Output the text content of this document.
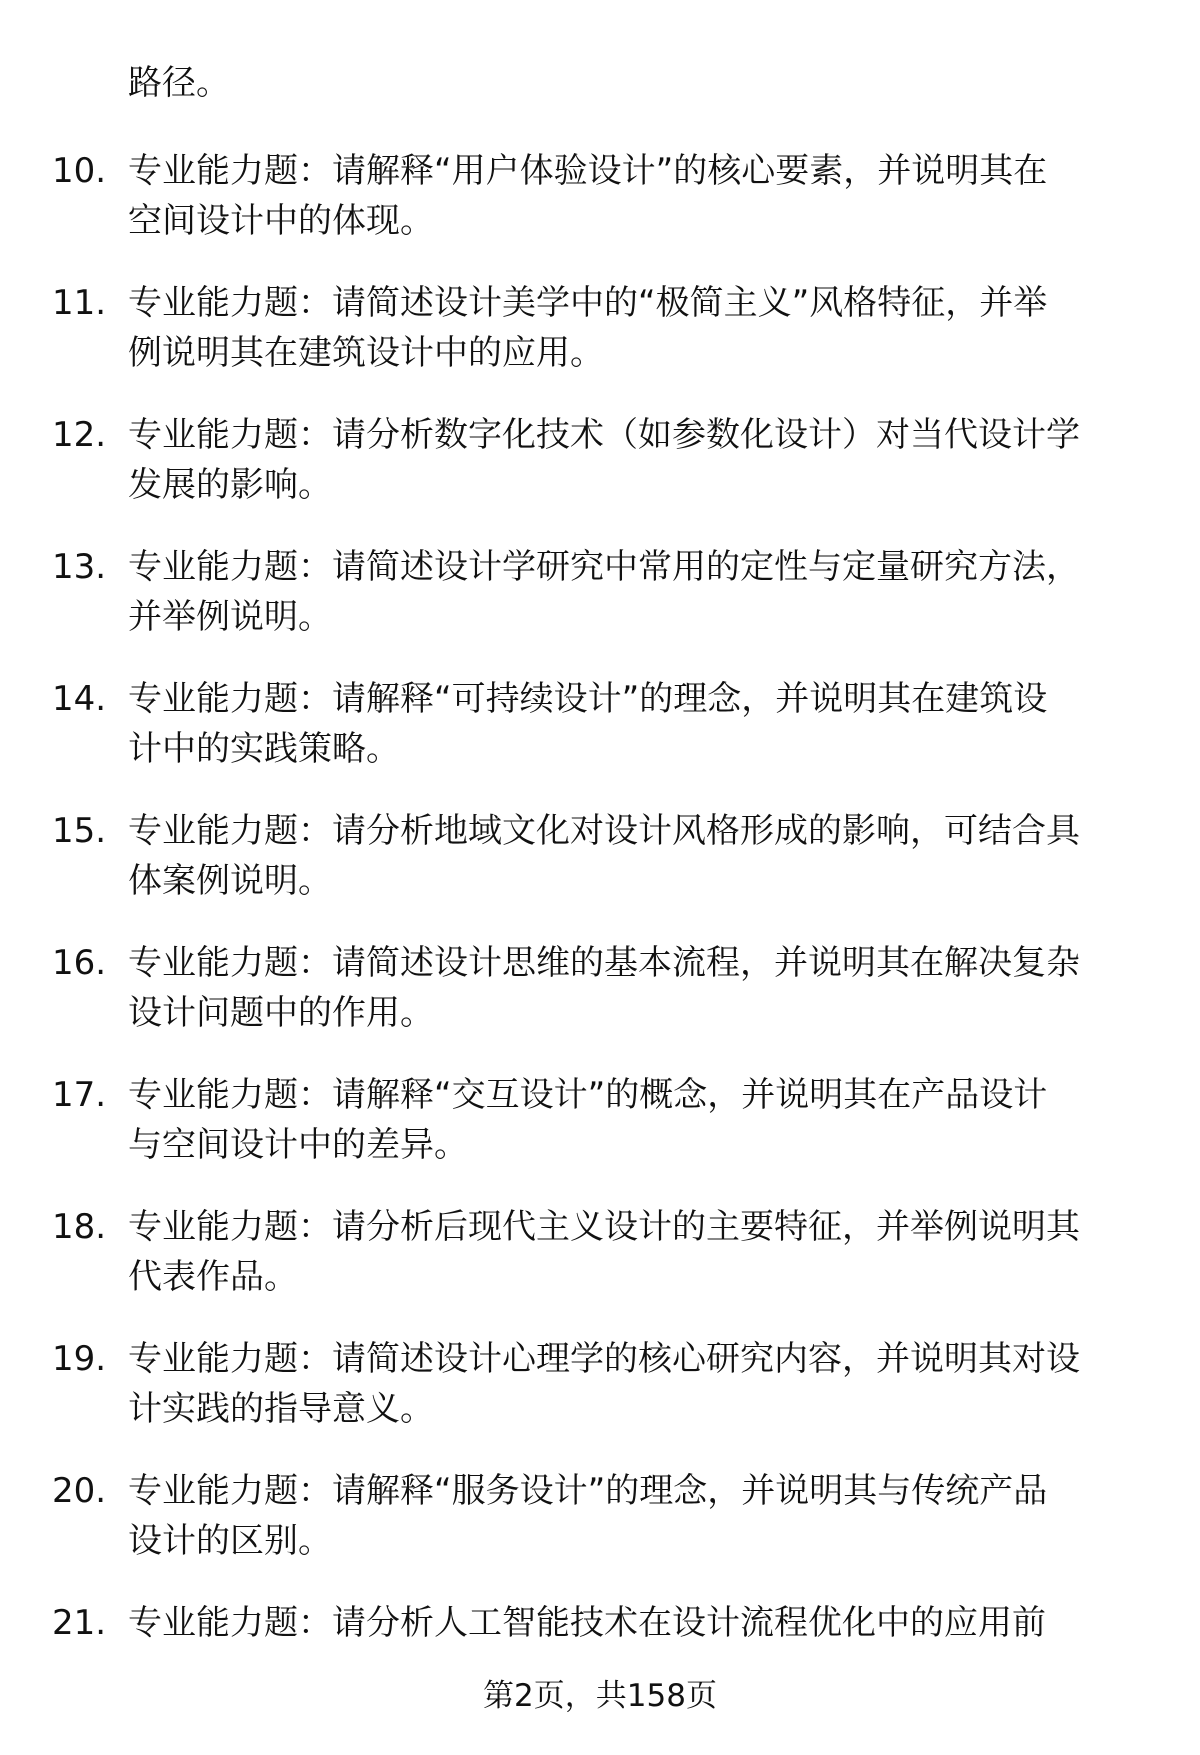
路径。
10. 专业能力题：请解释“用户体验设计”的核心要素，并说明其在
空间设计中的体现。
11. 专业能力题：请简述设计美学中的“极简主义”风格特征，并举
例说明其在建筑设计中的应用。
12. 专业能力题：请分析数字化技术（如参数化设计）对当代设计学
发展的影响。
13. 专业能力题：请简述设计学研究中常用的定性与定量研究方法，
并举例说明。
14. 专业能力题：请解释“可持续设计”的理念，并说明其在建筑设
计中的实践策略。
15. 专业能力题：请分析地域文化对设计风格形成的影响，可结合具
体案例说明。
16. 专业能力题：请简述设计思维的基本流程，并说明其在解决复杂
设计问题中的作用。
17. 专业能力题：请解释“交互设计”的概念，并说明其在产品设计
与空间设计中的差异。
18. 专业能力题：请分析后现代主义设计的主要特征，并举例说明其
代表作品。
19. 专业能力题：请简述设计心理学的核心研究内容，并说明其对设
计实践的指导意义。
20. 专业能力题：请解释“服务设计”的理念，并说明其与传统产品
设计的区别。
21. 专业能力题：请分析人工智能技术在设计流程优化中的应用前
第2页，共158页
